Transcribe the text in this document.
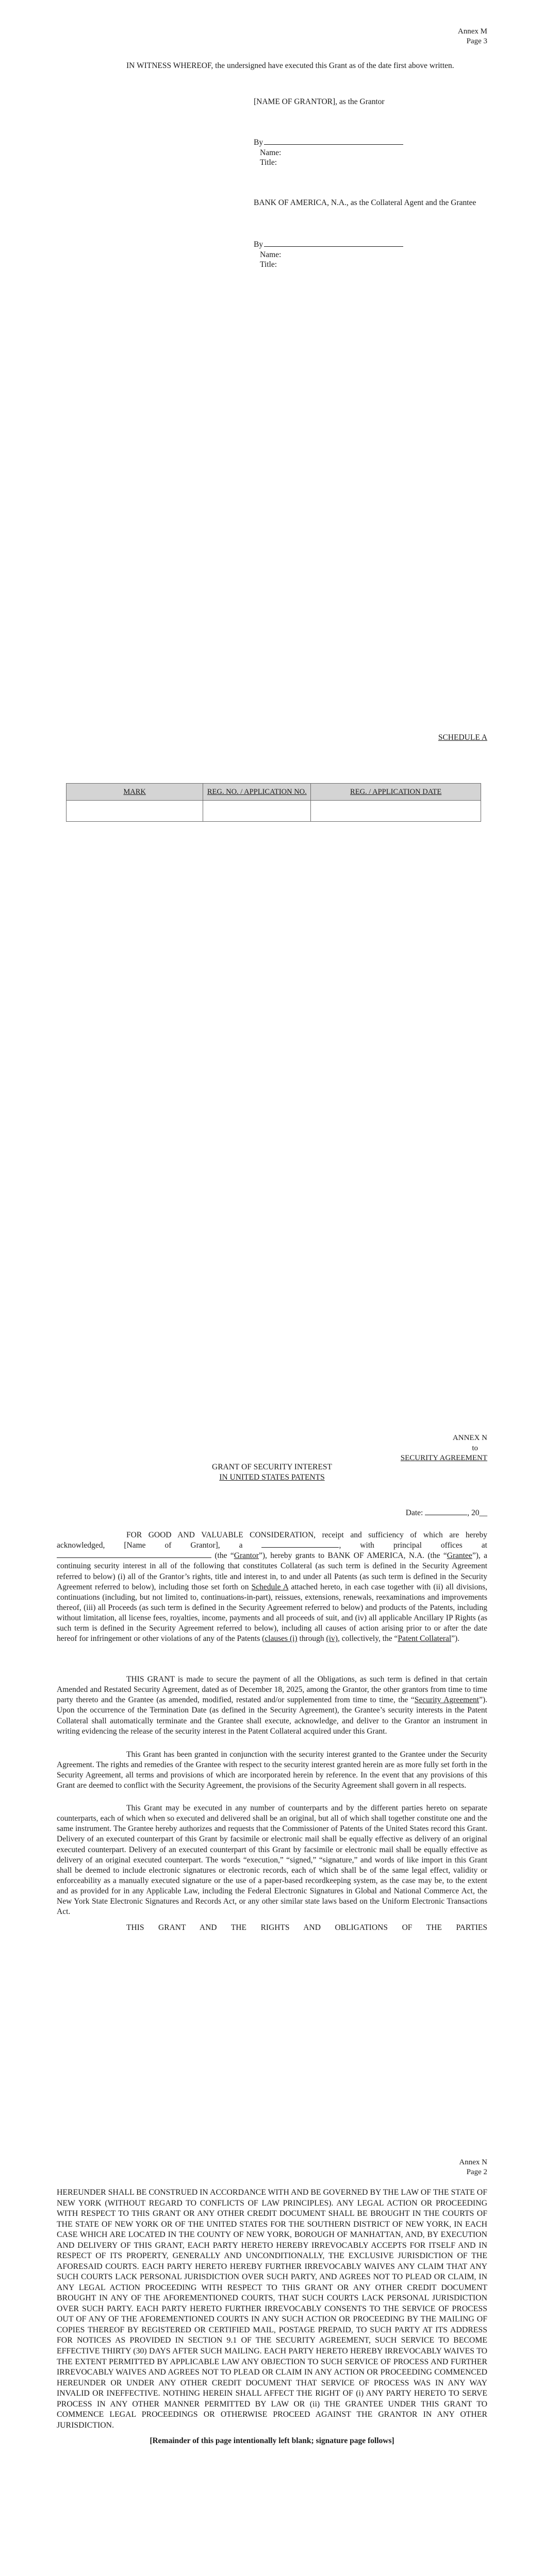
Annex M
Page 3
IN WITNESS WHEREOF, the undersigned have executed this Grant as of the date first above written.
[NAME OF GRANTOR], as the Grantor
By
Name:
Title:
BANK OF AMERICA, N.A., as the Collateral Agent and the Grantee
By
Name:
Title:
SCHEDULE A
MARK	REG. NO. / APPLICATION NO.	REG. / APPLICATION DATE

ANNEX N
to
SECURITY AGREEMENT
GRANT OF SECURITY INTEREST
IN UNITED STATES PATENTS
Date:	, 20__
FOR GOOD AND VALUABLE CONSIDERATION, receipt and sufficiency of which are hereby acknowledged, [Name of Grantor], a	, with principal offices at  (the “Grantor”), hereby grants to BANK OF AMERICA, N.A. (the “Grantee”), a continuing security interest in all of the following that constitutes Collateral (as such term is defined in the Security Agreement referred to below) (i) all of the Grantor’s rights, title and interest in, to and under all Patents (as such term is defined in the Security Agreement referred to below), including those set forth on Schedule A attached hereto, in each case together with (ii) all divisions, continuations (including, but not limited to, continuations-in-part), reissues, extensions, renewals, reexaminations and improvements thereof, (iii) all Proceeds (as such term is defined in the Security Agreement referred to below) and products of the Patents, including without limitation, all license fees, royalties, income, payments and all proceeds of suit, and (iv) all applicable Ancillary IP Rights (as such term is defined in the Security Agreement referred to below), including all causes of action arising prior to or after the date hereof for infringement or other violations of any of the Patents (clauses (i) through (iv), collectively, the “Patent Collateral”).
THIS GRANT is made to secure the payment of all the Obligations, as such term is defined in that certain Amended and Restated Security Agreement, dated as of December 18, 2025, among the Grantor, the other grantors from time to time party thereto and the Grantee (as amended, modified, restated and/or supplemented from time to time, the “Security Agreement”). Upon the occurrence of the Termination Date (as defined in the Security Agreement), the Grantee’s security interests in the Patent Collateral shall automatically terminate and the Grantee shall execute, acknowledge, and deliver to the Grantor an instrument in writing evidencing the release of the security interest in the Patent Collateral acquired under this Grant.
This Grant has been granted in conjunction with the security interest granted to the Grantee under the Security Agreement. The rights and remedies of the Grantee with respect to the security interest granted herein are as more fully set forth in the Security Agreement, all terms and provisions of which are incorporated herein by reference. In the event that any provisions of this Grant are deemed to conflict with the Security Agreement, the provisions of the Security Agreement shall govern in all respects.
This Grant may be executed in any number of counterparts and by the different parties hereto on separate counterparts, each of which when so executed and delivered shall be an original, but all of which shall together constitute one and the same instrument. The Grantee hereby authorizes and requests that the Commissioner of Patents of the United States record this Grant. Delivery of an executed counterpart of this Grant by facsimile or electronic mail shall be equally effective as delivery of an original executed counterpart. Delivery of an executed counterpart of this Grant by facsimile or electronic mail shall be equally effective as delivery of an original executed counterpart. The words “execution,” “signed,” “signature,” and words of like import in this Grant shall be deemed to include electronic signatures or electronic records, each of which shall be of the same legal effect, validity or enforceability as a manually executed signature or the use of a paper-based recordkeeping system, as the case may be, to the extent and as provided for in any Applicable Law, including the Federal Electronic Signatures in Global and National Commerce Act, the New York State Electronic Signatures and Records Act, or any other similar state laws based on the Uniform Electronic Transactions Act.
THIS GRANT AND THE RIGHTS AND OBLIGATIONS OF THE PARTIES
Annex N
Page 2
HEREUNDER SHALL BE CONSTRUED IN ACCORDANCE WITH AND BE GOVERNED BY THE LAW OF THE STATE OF NEW YORK (WITHOUT REGARD TO CONFLICTS OF LAW PRINCIPLES). ANY LEGAL ACTION OR PROCEEDING WITH RESPECT TO THIS GRANT OR ANY OTHER CREDIT DOCUMENT SHALL BE BROUGHT IN THE COURTS OF THE STATE OF NEW YORK OR OF THE UNITED STATES FOR THE SOUTHERN DISTRICT OF NEW YORK, IN EACH CASE WHICH ARE LOCATED IN THE COUNTY OF NEW YORK, BOROUGH OF MANHATTAN, AND, BY EXECUTION AND DELIVERY OF THIS GRANT, EACH PARTY HERETO HEREBY IRREVOCABLY ACCEPTS FOR ITSELF AND IN RESPECT OF ITS PROPERTY, GENERALLY AND UNCONDITIONALLY, THE EXCLUSIVE JURISDICTION OF THE AFORESAID COURTS. EACH PARTY HERETO HEREBY FURTHER IRREVOCABLY WAIVES ANY CLAIM THAT ANY SUCH COURTS LACK PERSONAL JURISDICTION OVER SUCH PARTY, AND AGREES NOT TO PLEAD OR CLAIM, IN ANY LEGAL ACTION PROCEEDING WITH RESPECT TO THIS GRANT OR ANY OTHER CREDIT DOCUMENT BROUGHT IN ANY OF THE AFOREMENTIONED COURTS, THAT SUCH COURTS LACK PERSONAL JURISDICTION OVER SUCH PARTY. EACH PARTY HERETO FURTHER IRREVOCABLY CONSENTS TO THE SERVICE OF PROCESS OUT OF ANY OF THE AFOREMENTIONED COURTS IN ANY SUCH ACTION OR PROCEEDING BY THE MAILING OF COPIES THEREOF BY REGISTERED OR CERTIFIED MAIL, POSTAGE PREPAID, TO SUCH PARTY AT ITS ADDRESS FOR NOTICES AS PROVIDED IN SECTION 9.1 OF THE SECURITY AGREEMENT, SUCH SERVICE TO BECOME EFFECTIVE THIRTY (30) DAYS AFTER SUCH MAILING. EACH PARTY HERETO HEREBY IRREVOCABLY WAIVES TO THE EXTENT PERMITTED BY APPLICABLE LAW ANY OBJECTION TO SUCH SERVICE OF PROCESS AND FURTHER IRREVOCABLY WAIVES AND AGREES NOT TO PLEAD OR CLAIM IN ANY ACTION OR PROCEEDING COMMENCED HEREUNDER OR UNDER ANY OTHER CREDIT DOCUMENT THAT SERVICE OF PROCESS WAS IN ANY WAY INVALID OR INEFFECTIVE. NOTHING HEREIN SHALL AFFECT THE RIGHT OF (i) ANY PARTY HERETO TO SERVE PROCESS IN ANY OTHER MANNER PERMITTED BY LAW OR (ii) THE GRANTEE UNDER THIS GRANT TO COMMENCE LEGAL PROCEEDINGS OR OTHERWISE PROCEED AGAINST THE GRANTOR IN ANY OTHER JURISDICTION.
[Remainder of this page intentionally left blank; signature page follows]
